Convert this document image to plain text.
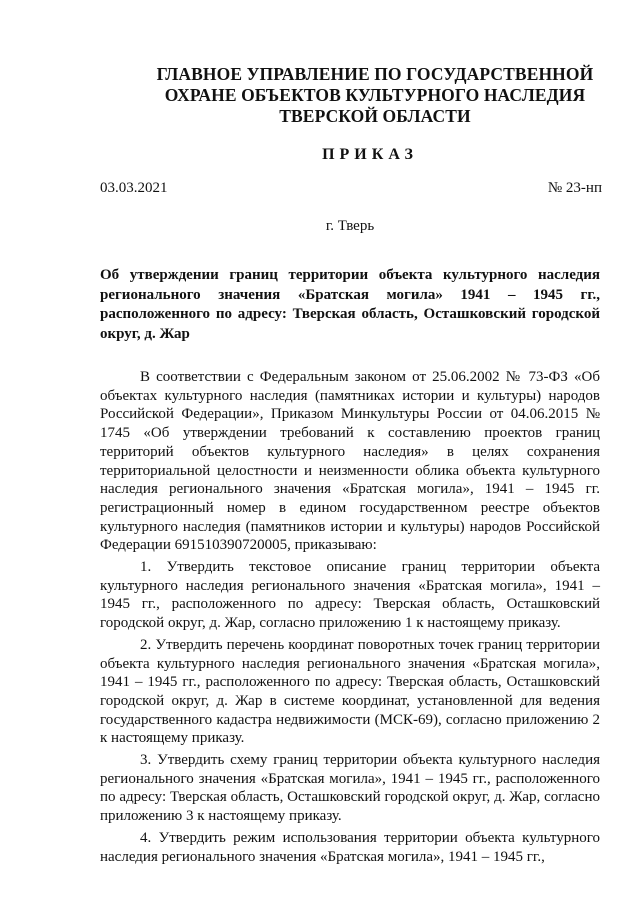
ГЛАВНОЕ УПРАВЛЕНИЕ ПО ГОСУДАРСТВЕННОЙ
ОХРАНЕ ОБЪЕКТОВ КУЛЬТУРНОГО НАСЛЕДИЯ
ТВЕРСКОЙ ОБЛАСТИ
ПРИКАЗ
03.03.2021	№ 23-нп
г. Тверь
Об утверждении границ территории объекта культурного наследия регионального значения «Братская могила» 1941 – 1945 гг., расположенного по адресу: Тверская область, Осташковский городской округ, д. Жар

В соответствии с Федеральным законом от 25.06.2002 № 73-ФЗ «Об объектах культурного наследия (памятниках истории и культуры) народов Российской Федерации», Приказом Минкультуры России от 04.06.2015 № 1745 «Об утверждении требований к составлению проектов границ территорий объектов культурного наследия» в целях сохранения территориальной целостности и неизменности облика объекта культурного наследия регионального значения «Братская могила», 1941 – 1945 гг. регистрационный номер в едином государственном реестре объектов культурного наследия (памятников истории и культуры) народов Российской Федерации 691510390720005, приказываю:

1. Утвердить текстовое описание границ территории объекта культурного наследия регионального значения «Братская могила», 1941 – 1945 гг., расположенного по адресу: Тверская область, Осташковский городской округ, д. Жар, согласно приложению 1 к настоящему приказу.

2. Утвердить перечень координат поворотных точек границ территории объекта культурного наследия регионального значения «Братская могила», 1941 – 1945 гг., расположенного по адресу: Тверская область, Осташковский городской округ, д. Жар в системе координат, установленной для ведения государственного кадастра недвижимости (МСК-69), согласно приложению 2 к настоящему приказу.

3. Утвердить схему границ территории объекта культурного наследия регионального значения «Братская могила», 1941 – 1945 гг., расположенного по адресу: Тверская область, Осташковский городской округ, д. Жар, согласно приложению 3 к настоящему приказу.

4. Утвердить режим использования территории объекта культурного наследия регионального значения «Братская могила», 1941 – 1945 гг.,
